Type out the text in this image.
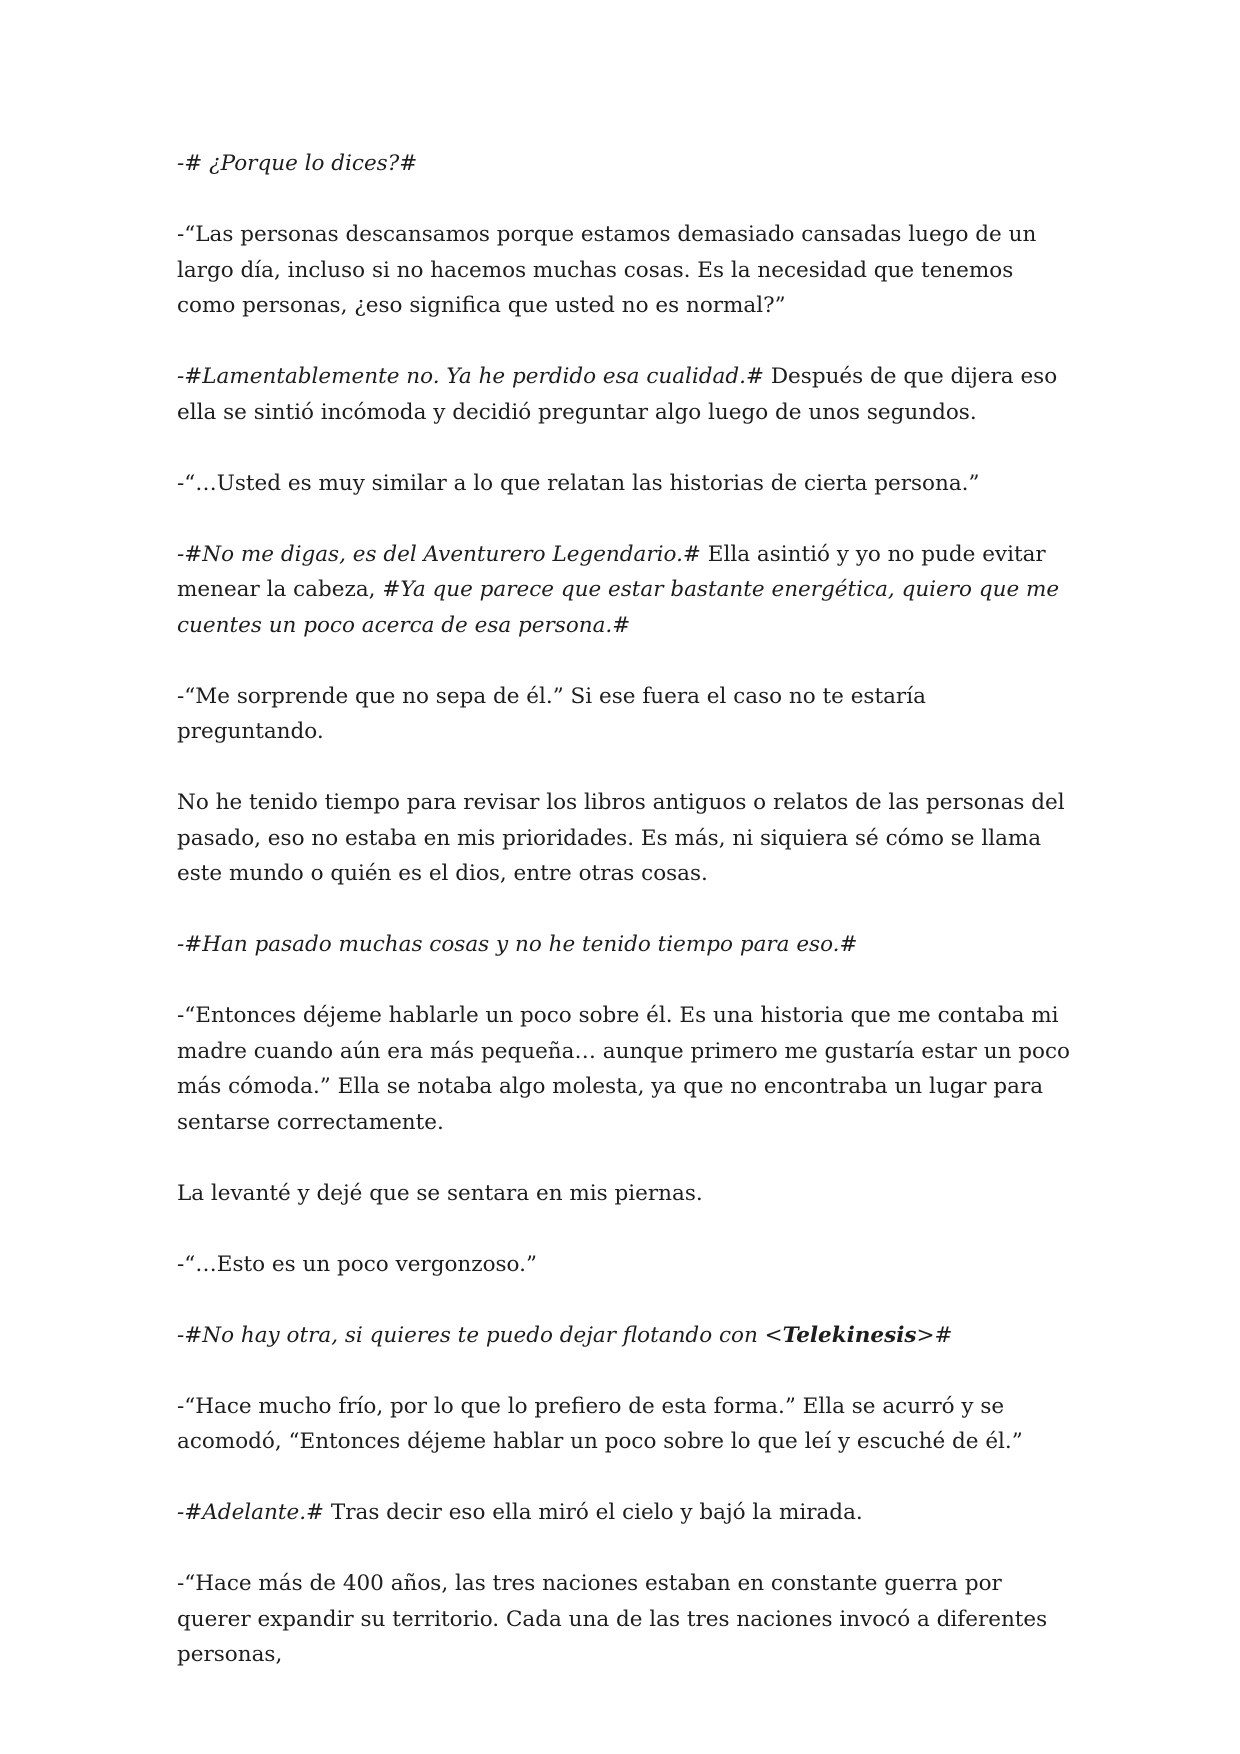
-# ¿Porque lo dices?#

-“Las personas descansamos porque estamos demasiado cansadas luego de un largo día, incluso si no hacemos muchas cosas. Es la necesidad que tenemos como personas, ¿eso significa que usted no es normal?”

-#Lamentablemente no. Ya he perdido esa cualidad.# Después de que dijera eso ella se sintió incómoda y decidió preguntar algo luego de unos segundos.

-“…Usted es muy similar a lo que relatan las historias de cierta persona.”

-#No me digas, es del Aventurero Legendario.# Ella asintió y yo no pude evitar menear la cabeza, #Ya que parece que estar bastante energética, quiero que me cuentes un poco acerca de esa persona.#

-“Me sorprende que no sepa de él.” Si ese fuera el caso no te estaría preguntando.

No he tenido tiempo para revisar los libros antiguos o relatos de las personas del pasado, eso no estaba en mis prioridades. Es más, ni siquiera sé cómo se llama este mundo o quién es el dios, entre otras cosas.

-#Han pasado muchas cosas y no he tenido tiempo para eso.#

-“Entonces déjeme hablarle un poco sobre él. Es una historia que me contaba mi madre cuando aún era más pequeña… aunque primero me gustaría estar un poco más cómoda.” Ella se notaba algo molesta, ya que no encontraba un lugar para sentarse correctamente.

La levanté y dejé que se sentara en mis piernas.

-“…Esto es un poco vergonzoso.”

-#No hay otra, si quieres te puedo dejar flotando con <Telekinesis>#

-“Hace mucho frío, por lo que lo prefiero de esta forma.” Ella se acurró y se acomodó, “Entonces déjeme hablar un poco sobre lo que leí y escuché de él.”

-#Adelante.# Tras decir eso ella miró el cielo y bajó la mirada.

-“Hace más de 400 años, las tres naciones estaban en constante guerra por querer expandir su territorio. Cada una de las tres naciones invocó a diferentes personas,
